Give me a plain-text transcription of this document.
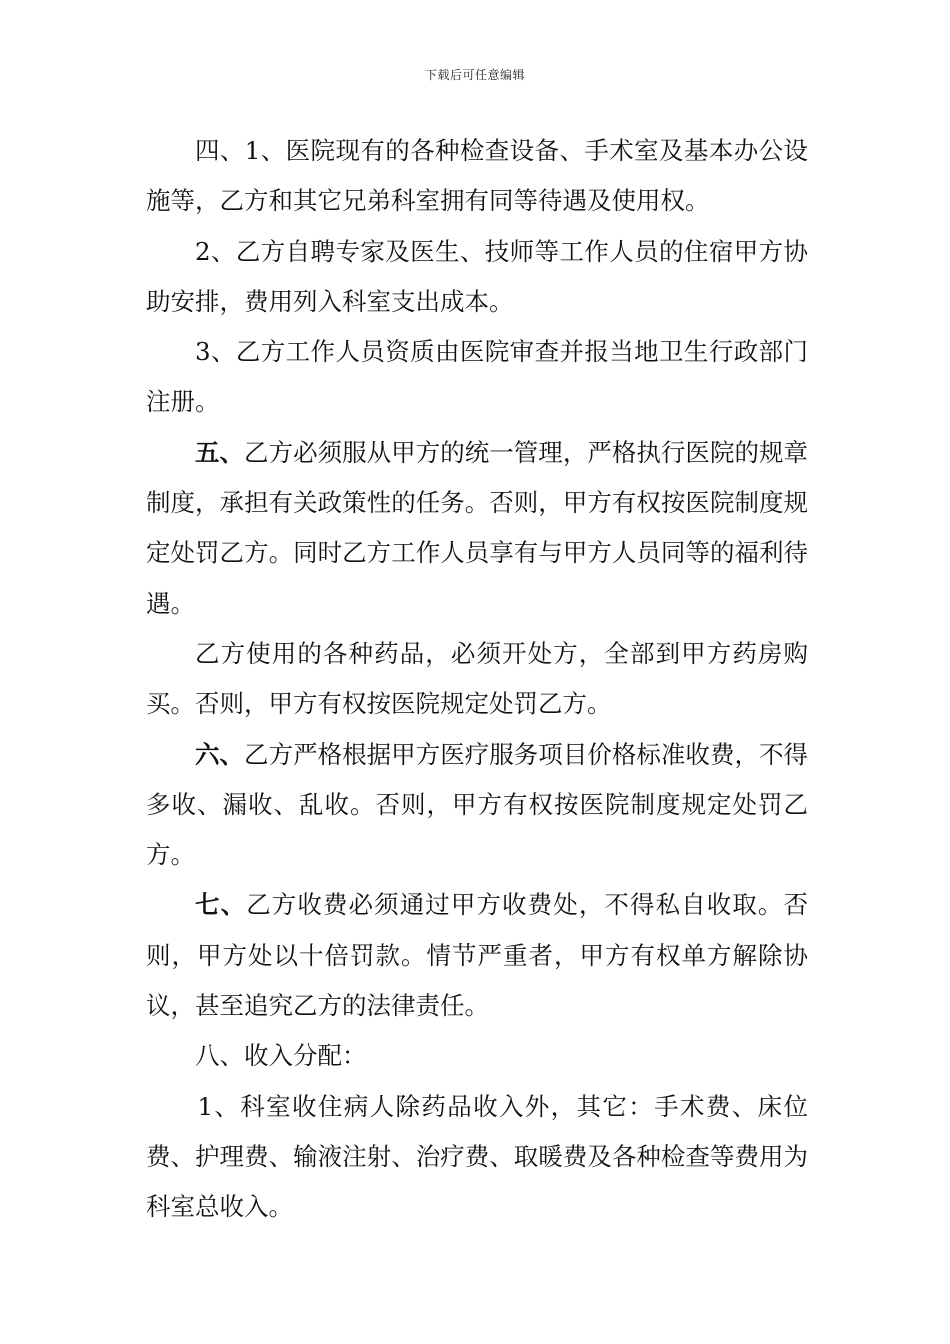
下载后可任意编辑

四、1、医院现有的各种检查设备、手术室及基本办公设施等，乙方和其它兄弟科室拥有同等待遇及使用权。

2、乙方自聘专家及医生、技师等工作人员的住宿甲方协助安排，费用列入科室支出成本。

3、乙方工作人员资质由医院审查并报当地卫生行政部门注册。

五、乙方必须服从甲方的统一管理，严格执行医院的规章制度，承担有关政策性的任务。否则，甲方有权按医院制度规定处罚乙方。同时乙方工作人员享有与甲方人员同等的福利待遇。

乙方使用的各种药品，必须开处方，全部到甲方药房购买。否则，甲方有权按医院规定处罚乙方。

六、乙方严格根据甲方医疗服务项目价格标准收费，不得多收、漏收、乱收。否则，甲方有权按医院制度规定处罚乙方。

七、乙方收费必须通过甲方收费处，不得私自收取。否则，甲方处以十倍罚款。情节严重者，甲方有权单方解除协议，甚至追究乙方的法律责任。

八、收入分配：

1、科室收住病人除药品收入外，其它：手术费、床位费、护理费、输液注射、治疗费、取暖费及各种检查等费用为科室总收入。
